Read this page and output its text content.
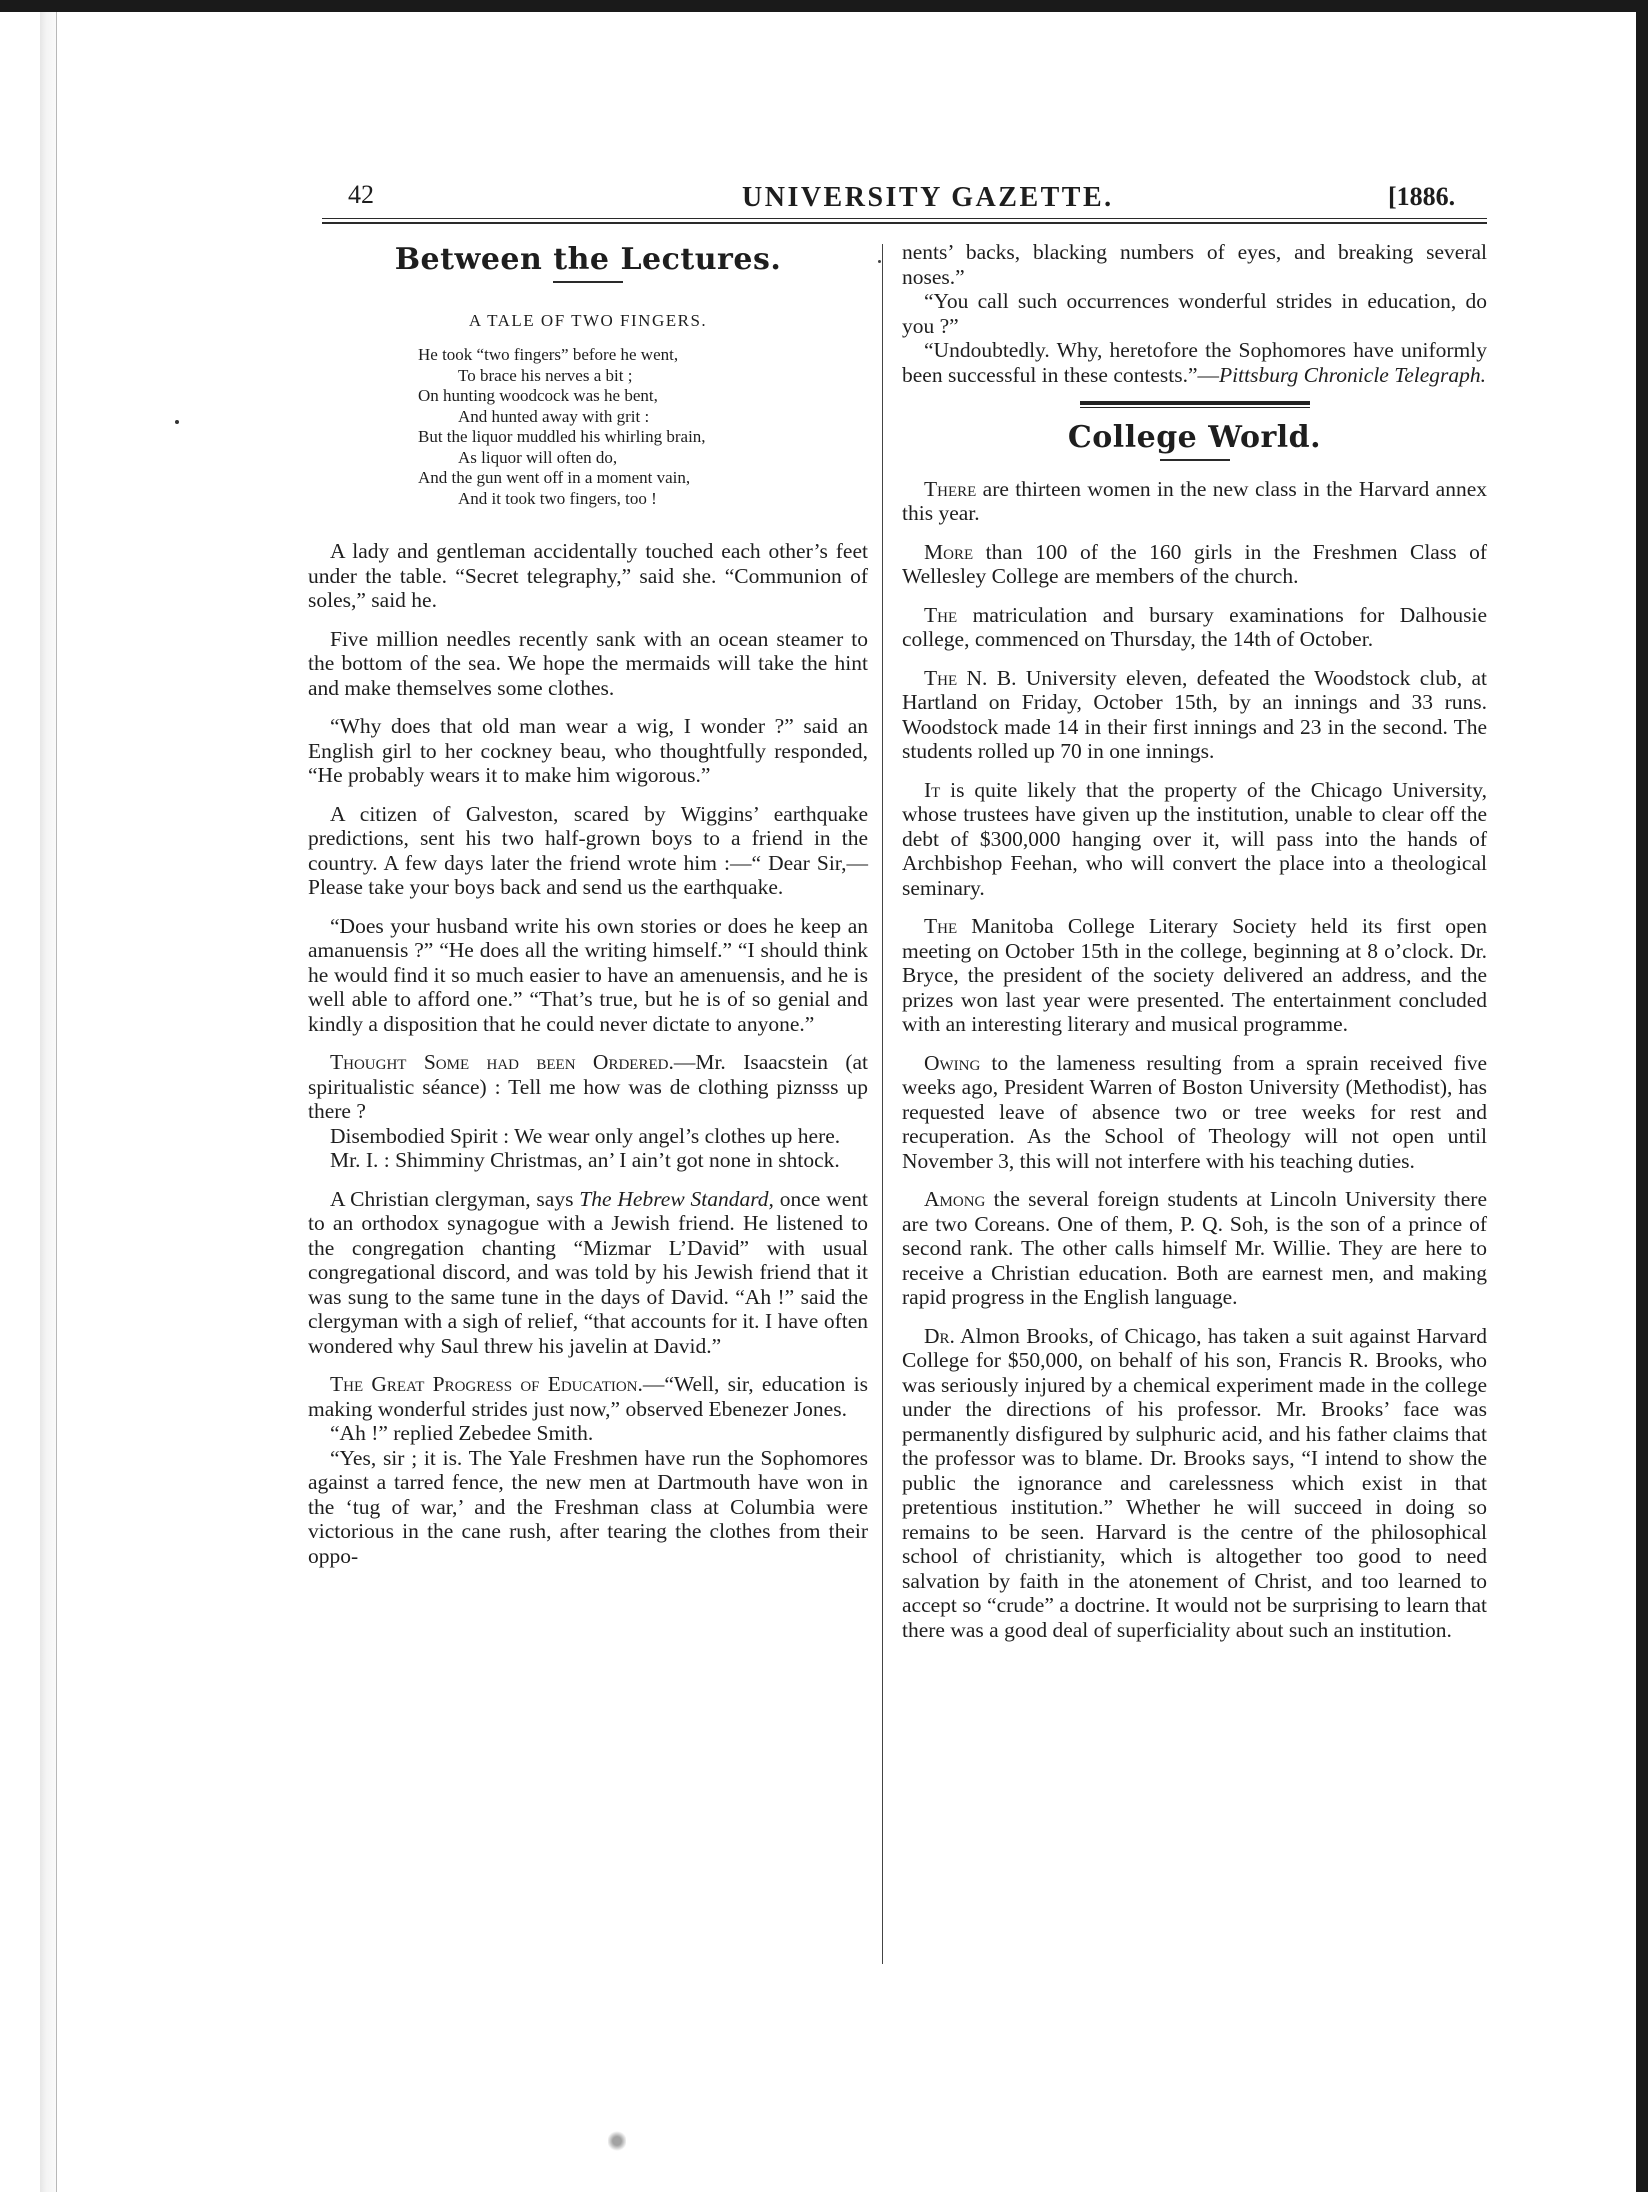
42	UNIVERSITY GAZETTE.	[1886.
Between the Lectures.
A TALE OF TWO FINGERS.
He took “two fingers” before he went,
To brace his nerves a bit ;
On hunting woodcock was he bent,
And hunted away with grit :
But the liquor muddled his whirling brain,
As liquor will often do,
And the gun went off in a moment vain,
And it took two fingers, too !

A lady and gentleman accidentally touched each other’s feet under the table. “Secret telegraphy,” said she. “Communion of soles,” said he.

Five million needles recently sank with an ocean steamer to the bottom of the sea. We hope the mermaids will take the hint and make themselves some clothes.

“Why does that old man wear a wig, I wonder ?” said an English girl to her cockney beau, who thoughtfully responded, “He probably wears it to make him wigorous.”

A citizen of Galveston, scared by Wiggins’ earthquake predictions, sent his two half-grown boys to a friend in the country. A few days later the friend wrote him :—“ Dear Sir,—Please take your boys back and send us the earthquake.

“Does your husband write his own stories or does he keep an amanuensis ?” “He does all the writing himself.” “I should think he would find it so much easier to have an amenuensis, and he is well able to afford one.” “That’s true, but he is of so genial and kindly a disposition that he could never dictate to anyone.”

Thought Some had been Ordered.—Mr. Isaacstein (at spiritualistic séance) : Tell me how was de clothing piznsss up there ?

Disembodied Spirit : We wear only angel’s clothes up here.

Mr. I. : Shimminy Christmas, an’ I ain’t got none in shtock.

A Christian clergyman, says The Hebrew Standard, once went to an orthodox synagogue with a Jewish friend. He listened to the congregation chanting “Mizmar L’David” with usual congregational discord, and was told by his Jewish friend that it was sung to the same tune in the days of David. “Ah !” said the clergyman with a sigh of relief, “that accounts for it. I have often wondered why Saul threw his javelin at David.”

The Great Progress of Education.—“Well, sir, education is making wonderful strides just now,” observed Ebenezer Jones.

“Ah !” replied Zebedee Smith.

“Yes, sir ; it is. The Yale Freshmen have run the Sophomores against a tarred fence, the new men at Dartmouth have won in the ‘tug of war,’ and the Freshman class at Columbia were victorious in the cane rush, after tearing the clothes from their oppo-

nents’ backs, blacking numbers of eyes, and breaking several noses.”

“You call such occurrences wonderful strides in education, do you ?”

“Undoubtedly. Why, heretofore the Sophomores have uniformly been successful in these contests.”—Pittsburg Chronicle Telegraph.

College World.

There are thirteen women in the new class in the Harvard annex this year.

More than 100 of the 160 girls in the Freshmen Class of Wellesley College are members of the church.

The matriculation and bursary examinations for Dalhousie college, commenced on Thursday, the 14th of October.

The N. B. University eleven, defeated the Woodstock club, at Hartland on Friday, October 15th, by an innings and 33 runs. Woodstock made 14 in their first innings and 23 in the second. The students rolled up 70 in one innings.

It is quite likely that the property of the Chicago University, whose trustees have given up the institution, unable to clear off the debt of $300,000 hanging over it, will pass into the hands of Archbishop Feehan, who will convert the place into a theological seminary.

The Manitoba College Literary Society held its first open meeting on October 15th in the college, beginning at 8 o’clock. Dr. Bryce, the president of the society delivered an address, and the prizes won last year were presented. The entertainment concluded with an interesting literary and musical programme.

Owing to the lameness resulting from a sprain received five weeks ago, President Warren of Boston University (Methodist), has requested leave of absence two or tree weeks for rest and recuperation. As the School of Theology will not open until November 3, this will not interfere with his teaching duties.

Among the several foreign students at Lincoln University there are two Coreans. One of them, P. Q. Soh, is the son of a prince of second rank. The other calls himself Mr. Willie. They are here to receive a Christian education. Both are earnest men, and making rapid progress in the English language.

Dr. Almon Brooks, of Chicago, has taken a suit against Harvard College for $50,000, on behalf of his son, Francis R. Brooks, who was seriously injured by a chemical experiment made in the college under the directions of his professor. Mr. Brooks’ face was permanently disfigured by sulphuric acid, and his father claims that the professor was to blame. Dr. Brooks says, “I intend to show the public the ignorance and carelessness which exist in that pretentious institution.” Whether he will succeed in doing so remains to be seen. Harvard is the centre of the philosophical school of christianity, which is altogether too good to need salvation by faith in the atonement of Christ, and too learned to accept so “crude” a doctrine. It would not be surprising to learn that there was a good deal of superficiality about such an institution.
